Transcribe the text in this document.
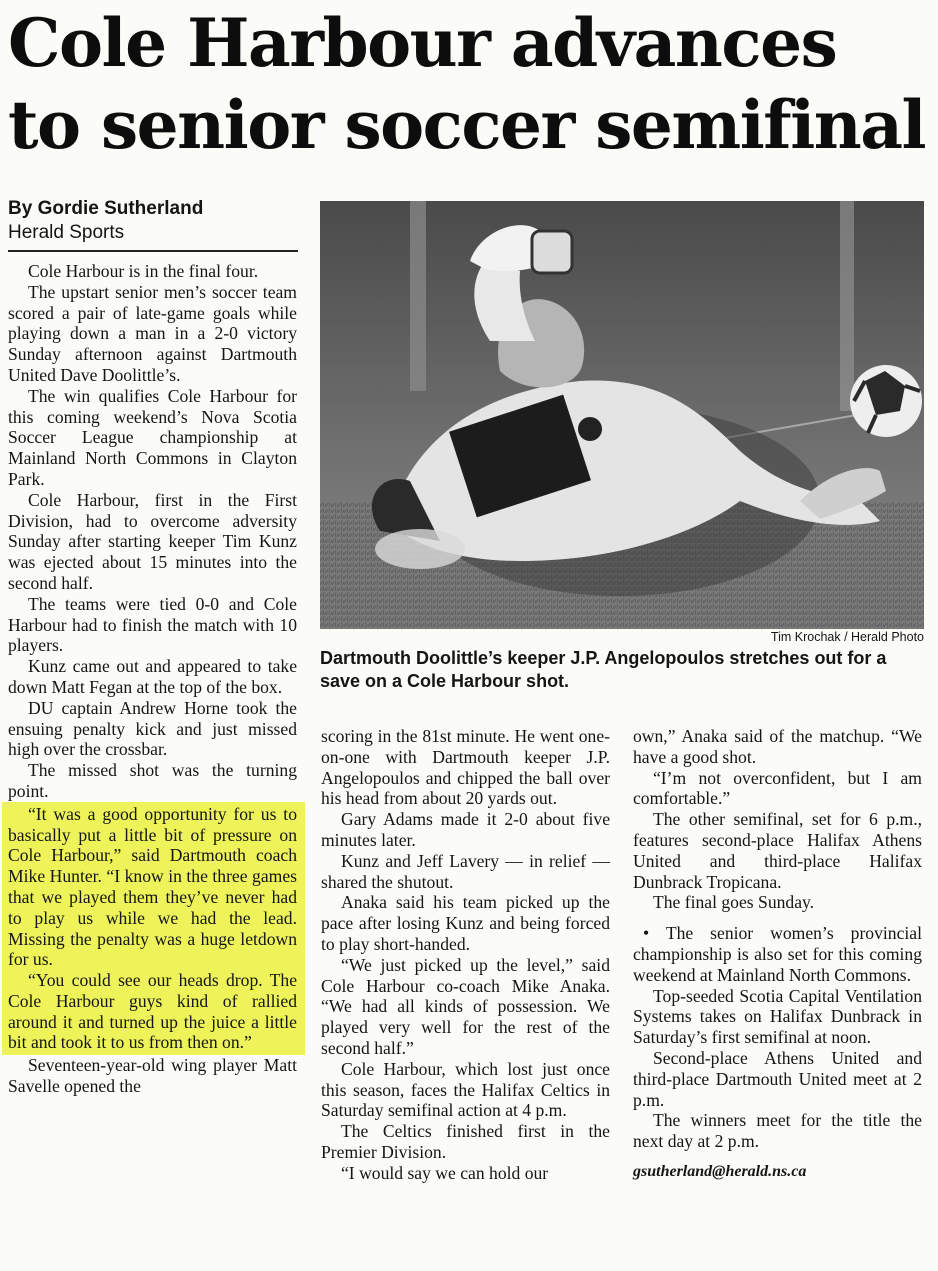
Cole Harbour advances
to senior soccer semifinal
By Gordie Sutherland
Herald Sports

Cole Harbour is in the final four.

The upstart senior men’s soccer team scored a pair of late-game goals while playing down a man in a 2-0 victory Sunday afternoon against Dartmouth United Dave Doolittle’s.

The win qualifies Cole Harbour for this coming weekend’s Nova Scotia Soccer League championship at Mainland North Commons in Clayton Park.

Cole Harbour, first in the First Division, had to overcome adversity Sunday after starting keeper Tim Kunz was ejected about 15 minutes into the second half.

The teams were tied 0-0 and Cole Harbour had to finish the match with 10 players.

Kunz came out and appeared to take down Matt Fegan at the top of the box.

DU captain Andrew Horne took the ensuing penalty kick and just missed high over the crossbar.

The missed shot was the turning point.

“It was a good opportunity for us to basically put a little bit of pressure on Cole Harbour,” said Dartmouth coach Mike Hunter. “I know in the three games that we played them they’ve never had to play us while we had the lead. Missing the penalty was a huge letdown for us.

“You could see our heads drop. The Cole Harbour guys kind of rallied around it and turned up the juice a little bit and took it to us from then on.”

Seventeen-year-old wing player Matt Savelle opened the

Tim Krochak / Herald Photo
Dartmouth Doolittle’s keeper J.P. Angelopoulos stretches out for a save on a Cole Harbour shot.

scoring in the 81st minute. He went one-on-one with Dartmouth keeper J.P. Angelopoulos and chipped the ball over his head from about 20 yards out.

Gary Adams made it 2-0 about five minutes later.

Kunz and Jeff Lavery — in relief — shared the shutout.

Anaka said his team picked up the pace after losing Kunz and being forced to play short-handed.

“We just picked up the level,” said Cole Harbour co-coach Mike Anaka. “We had all kinds of possession. We played very well for the rest of the second half.”

Cole Harbour, which lost just once this season, faces the Halifax Celtics in Saturday semifinal action at 4 p.m.

The Celtics finished first in the Premier Division.

“I would say we can hold our

own,” Anaka said of the matchup. “We have a good shot.

“I’m not overconfident, but I am comfortable.”

The other semifinal, set for 6 p.m., features second-place Halifax Athens United and third-place Halifax Dunbrack Tropicana.

The final goes Sunday.

• The senior women’s provincial championship is also set for this coming weekend at Mainland North Commons.

Top-seeded Scotia Capital Ventilation Systems takes on Halifax Dunbrack in Saturday’s first semifinal at noon.

Second-place Athens United and third-place Dartmouth United meet at 2 p.m.

The winners meet for the title the next day at 2 p.m.

gsutherland@herald.ns.ca
